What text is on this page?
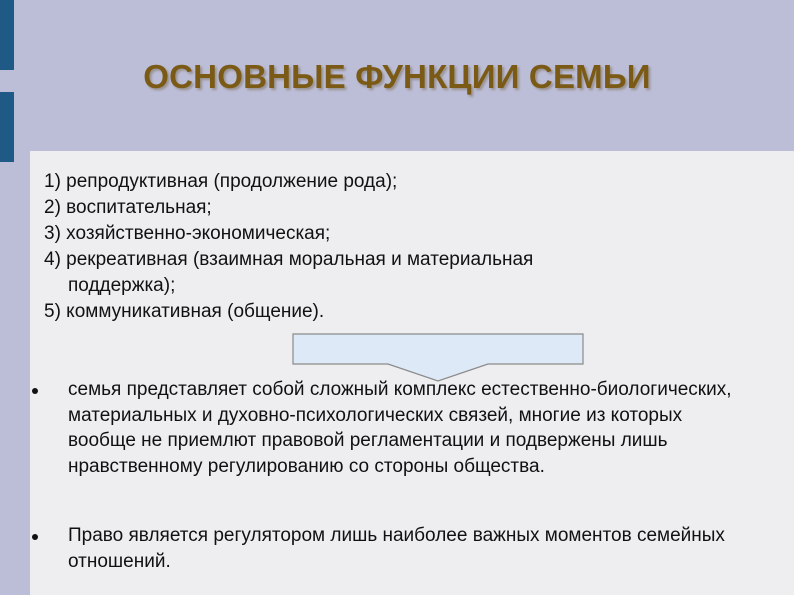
ОСНОВНЫЕ ФУНКЦИИ СЕМЬИ
1) репродуктивная (продолжение рода);
2) воспитательная;
3) хозяйственно-экономическая;
4) рекреативная (взаимная моральная и материальная
поддержка);
5) коммуникативная (общение).
семья представляет собой сложный комплекс естественно-биологических, материальных и духовно-психологических связей, многие из которых вообще не приемлют правовой регламентации и подвержены лишь нравственному регулированию со стороны общества.
Право является регулятором лишь наиболее важных моментов семейных отношений.
